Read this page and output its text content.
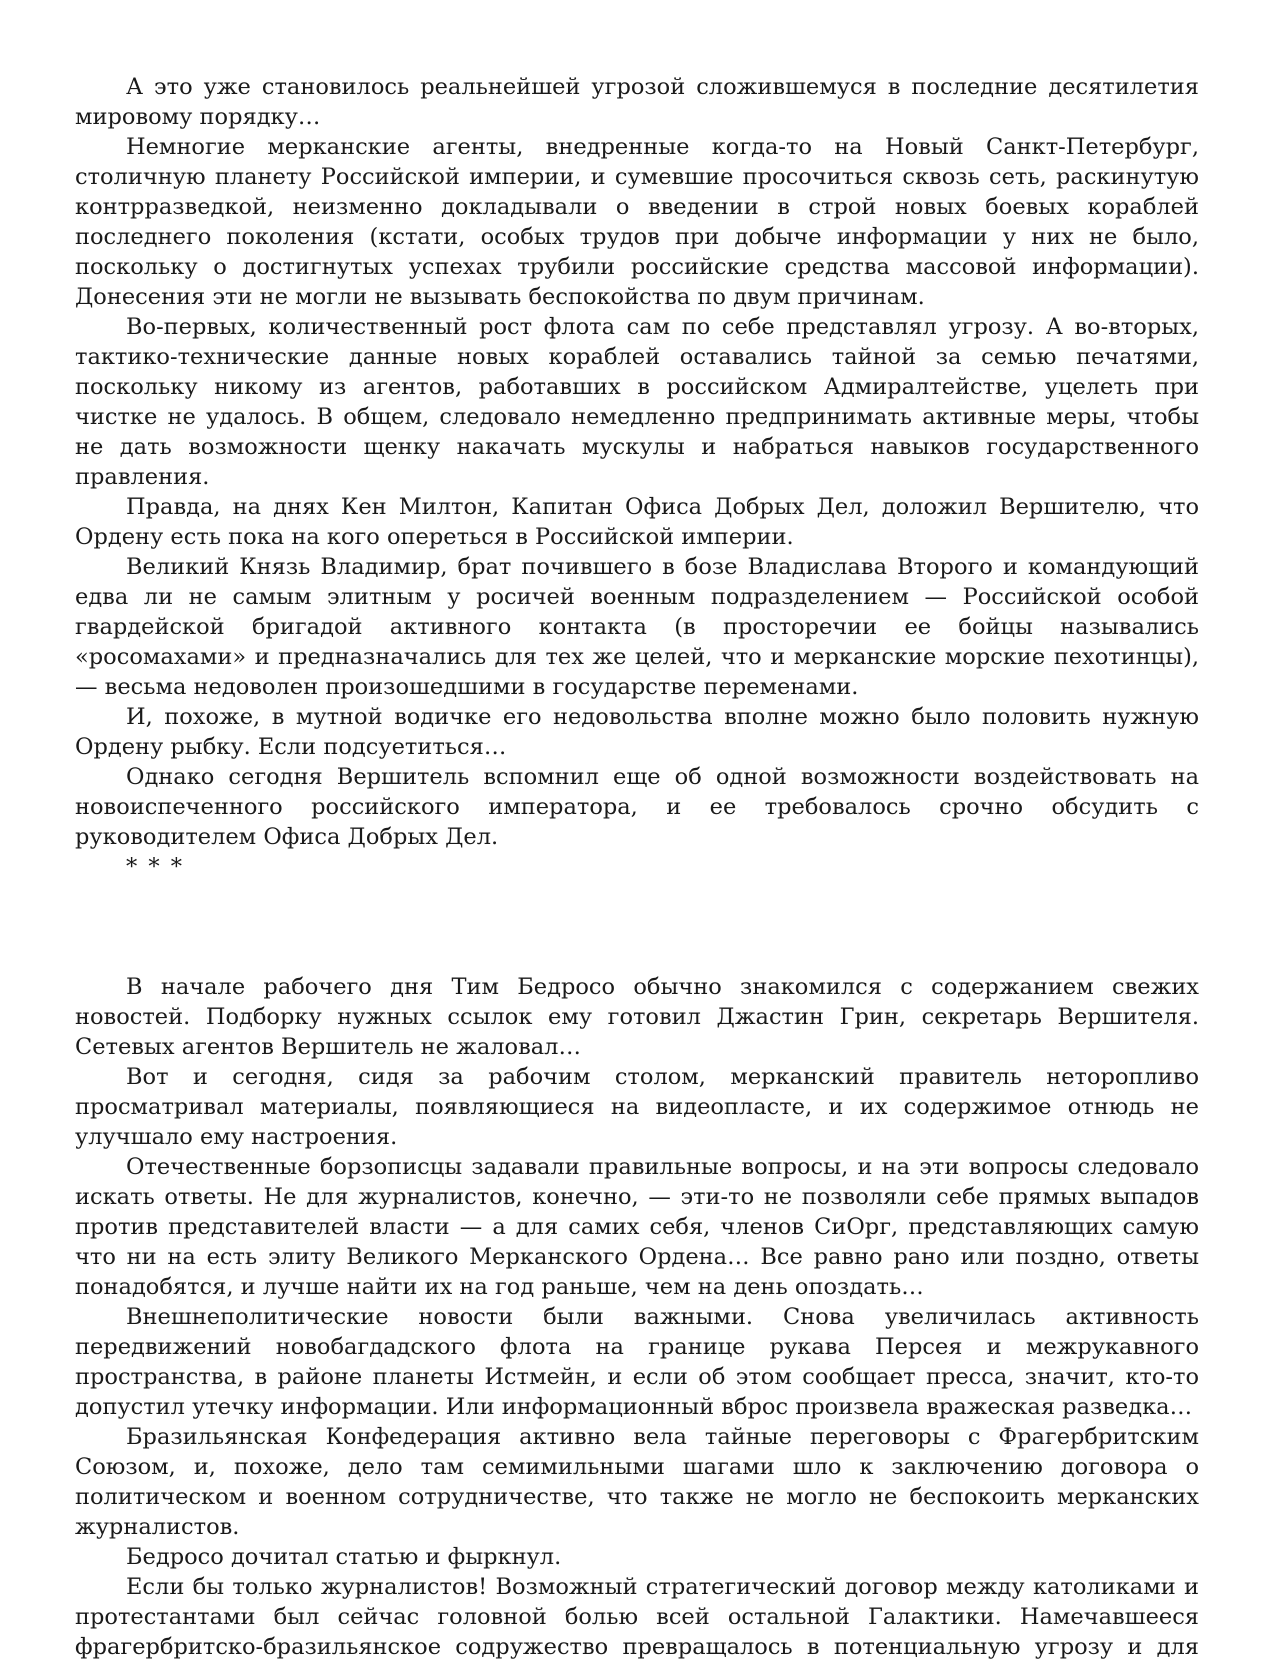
А это уже становилось реальнейшей угрозой сложившемуся в последние десятилетия мировому порядку…

Немногие мерканские агенты, внедренные когда-то на Новый Санкт-Петербург, столичную планету Российской империи, и сумевшие просочиться сквозь сеть, раскинутую контрразведкой, неизменно докладывали о введении в строй новых боевых кораблей последнего поколения (кстати, особых трудов при добыче информации у них не было, поскольку о достигнутых успехах трубили российские средства массовой информации). Донесения эти не могли не вызывать беспокойства по двум причинам.

Во-первых, количественный рост флота сам по себе представлял угрозу. А во-вторых, тактико-технические данные новых кораблей оставались тайной за семью печатями, поскольку никому из агентов, работавших в российском Адмиралтействе, уцелеть при чистке не удалось. В общем, следовало немедленно предпринимать активные меры, чтобы не дать возможности щенку накачать мускулы и набраться навыков государственного правления.

Правда, на днях Кен Милтон, Капитан Офиса Добрых Дел, доложил Вершителю, что Ордену есть пока на кого опереться в Российской империи.

Великий Князь Владимир, брат почившего в бозе Владислава Второго и командующий едва ли не самым элитным у росичей военным подразделением — Российской особой гвардейской бригадой активного контакта (в просторечии ее бойцы назывались «росомахами» и предназначались для тех же целей, что и мерканские морские пехотинцы), — весьма недоволен произошедшими в государстве переменами.

И, похоже, в мутной водичке его недовольства вполне можно было половить нужную Ордену рыбку. Если подсуетиться…

Однако сегодня Вершитель вспомнил еще об одной возможности воздействовать на новоиспеченного российского императора, и ее требовалось срочно обсудить с руководителем Офиса Добрых Дел.

* * *

В начале рабочего дня Тим Бедросо обычно знакомился с содержанием свежих новостей. Подборку нужных ссылок ему готовил Джастин Грин, секретарь Вершителя. Сетевых агентов Вершитель не жаловал…

Вот и сегодня, сидя за рабочим столом, мерканский правитель неторопливо просматривал материалы, появляющиеся на видеопласте, и их содержимое отнюдь не улучшало ему настроения.

Отечественные борзописцы задавали правильные вопросы, и на эти вопросы следовало искать ответы. Не для журналистов, конечно, — эти-то не позволяли себе прямых выпадов против представителей власти — а для самих себя, членов СиОрг, представляющих самую что ни на есть элиту Великого Мерканского Ордена… Все равно рано или поздно, ответы понадобятся, и лучше найти их на год раньше, чем на день опоздать…

Внешнеполитические новости были важными. Снова увеличилась активность передвижений новобагдадского флота на границе рукава Персея и межрукавного пространства, в районе планеты Истмейн, и если об этом сообщает пресса, значит, кто-то допустил утечку информации. Или информационный вброс произвела вражеская разведка…

Бразильянская Конфедерация активно вела тайные переговоры с Фрагербритским Союзом, и, похоже, дело там семимильными шагами шло к заключению договора о политическом и военном сотрудничестве, что также не могло не беспокоить мерканских журналистов.

Бедросо дочитал статью и фыркнул.

Если бы только журналистов! Возможный стратегический договор между католиками и протестантами был сейчас головной болью всей остальной Галактики. Намечавшееся фрагербритско-бразильянское содружество превращалось в потенциальную угрозу и для
